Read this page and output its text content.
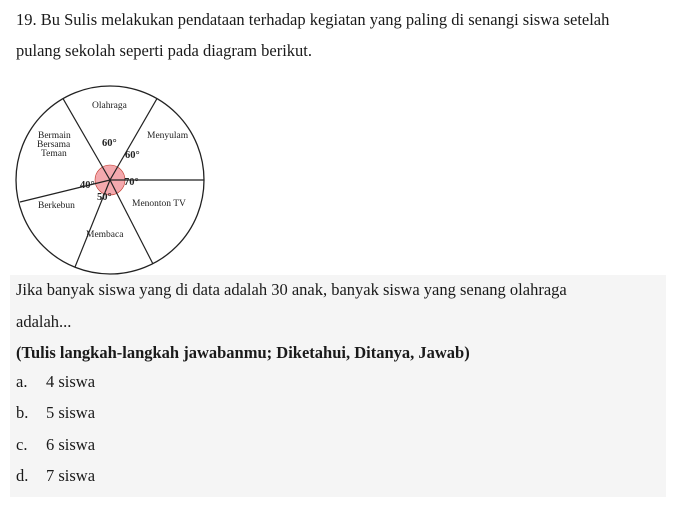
19. Bu Sulis melakukan pendataan terhadap kegiatan yang paling di senangi siswa setelah
pulang sekolah seperti pada diagram berikut.
Olahraga
Menyulam
Bermain
Bersama
Teman
Berkebun	Menonton TV
Membaca
60°
60°
70°
40°
50°
Jika banyak siswa yang di data adalah 30 anak, banyak siswa yang senang olahraga
adalah...
(Tulis langkah-langkah jawabanmu; Diketahui, Ditanya, Jawab)
a. 4 siswa
b. 5 siswa
c. 6 siswa
d. 7 siswa
